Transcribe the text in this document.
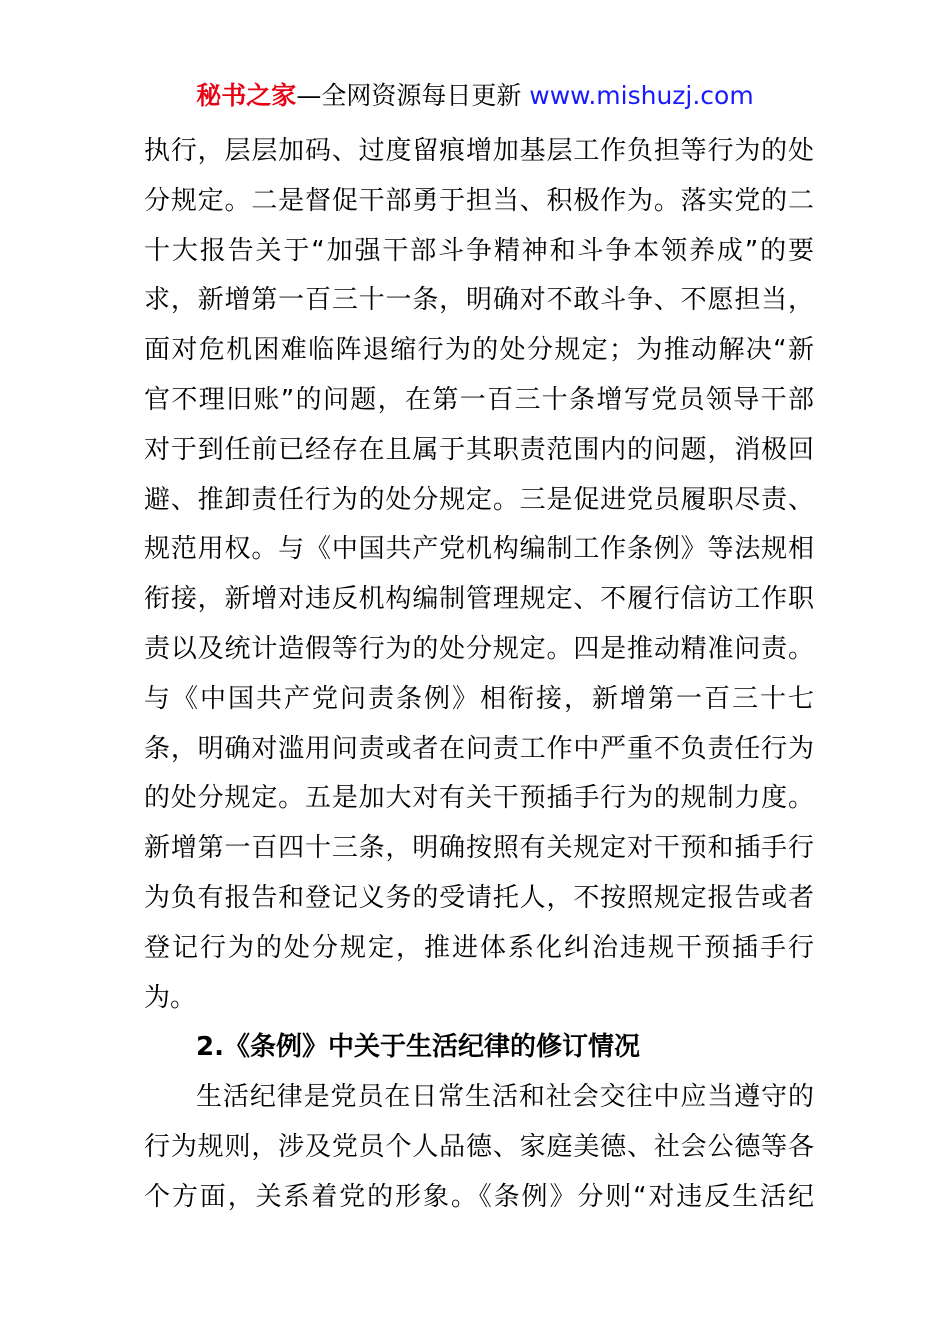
秘书之家—全网资源每日更新 www.mishuzj.com
执行，层层加码、过度留痕增加基层工作负担等行为的处
分规定。二是督促干部勇于担当、积极作为。落实党的二
十大报告关于“加强干部斗争精神和斗争本领养成”的要
求，新增第一百三十一条，明确对不敢斗争、不愿担当，
面对危机困难临阵退缩行为的处分规定；为推动解决“新
官不理旧账”的问题，在第一百三十条增写党员领导干部
对于到任前已经存在且属于其职责范围内的问题，消极回
避、推卸责任行为的处分规定。三是促进党员履职尽责、
规范用权。与《中国共产党机构编制工作条例》等法规相
衔接，新增对违反机构编制管理规定、不履行信访工作职
责以及统计造假等行为的处分规定。四是推动精准问责。
与《中国共产党问责条例》相衔接，新增第一百三十七
条，明确对滥用问责或者在问责工作中严重不负责任行为
的处分规定。五是加大对有关干预插手行为的规制力度。
新增第一百四十三条，明确按照有关规定对干预和插手行
为负有报告和登记义务的受请托人，不按照规定报告或者
登记行为的处分规定，推进体系化纠治违规干预插手行
为。
2.《条例》中关于生活纪律的修订情况
生活纪律是党员在日常生活和社会交往中应当遵守的
行为规则，涉及党员个人品德、家庭美德、社会公德等各
个方面，关系着党的形象。《条例》分则“对违反生活纪
